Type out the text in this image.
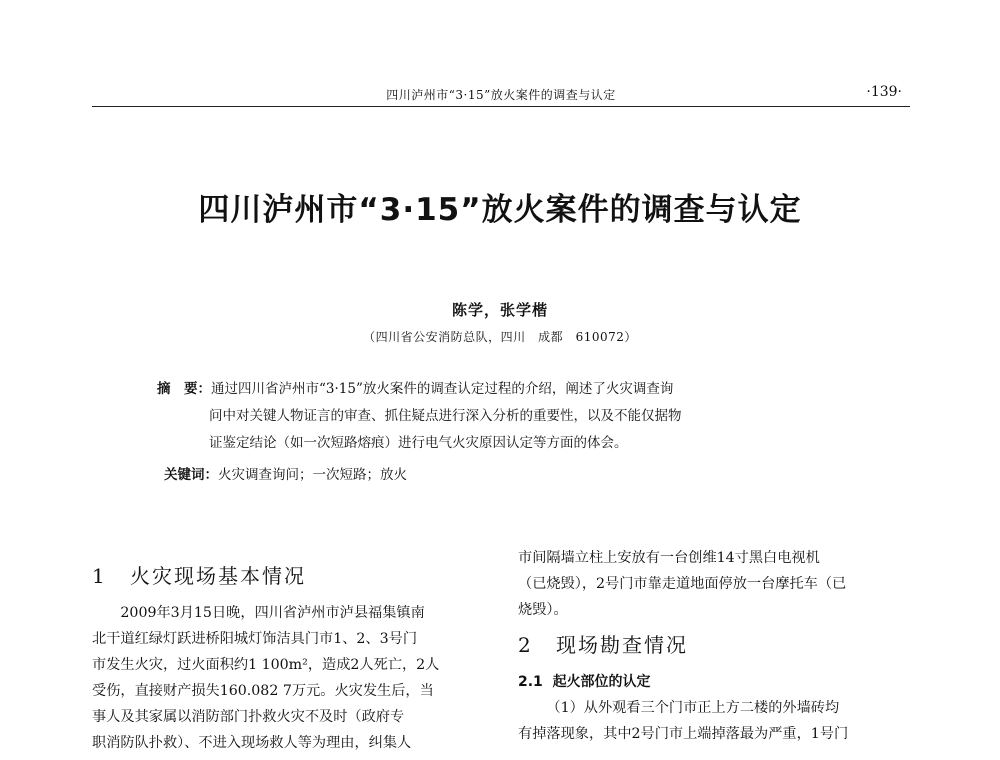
四川泸州市“3·15”放火案件的调查与认定	·139·
四川泸州市“3·15”放火案件的调查与认定
陈学，张学楷
（四川省公安消防总队，四川　成都　610072）
摘　要：通过四川省泸州市“3·15”放火案件的调查认定过程的介绍，阐述了火灾调查询
问中对关键人物证言的审查、抓住疑点进行深入分析的重要性，以及不能仅据物
证鉴定结论（如一次短路熔痕）进行电气火灾原因认定等方面的体会。
关键词：火灾调查询问；一次短路；放火
1 火灾现场基本情况
2009年3月15日晚，四川省泸州市泸县福集镇南
北干道红绿灯跃进桥阳城灯饰洁具门市1、2、3号门
市发生火灾，过火面积约1 100m²，造成2人死亡，2人
受伤，直接财产损失160.082 7万元。火灾发生后，当
事人及其家属以消防部门扑救火灾不及时（政府专
职消防队扑救）、不进入现场救人等为理由，纠集人
市间隔墙立柱上安放有一台创维14寸黑白电视机
（已烧毁），2号门市靠走道地面停放一台摩托车（已
烧毁）。
2 现场勘查情况
2.1 起火部位的认定
（1）从外观看三个门市正上方二楼的外墙砖均
有掉落现象，其中2号门市上端掉落最为严重，1号门
